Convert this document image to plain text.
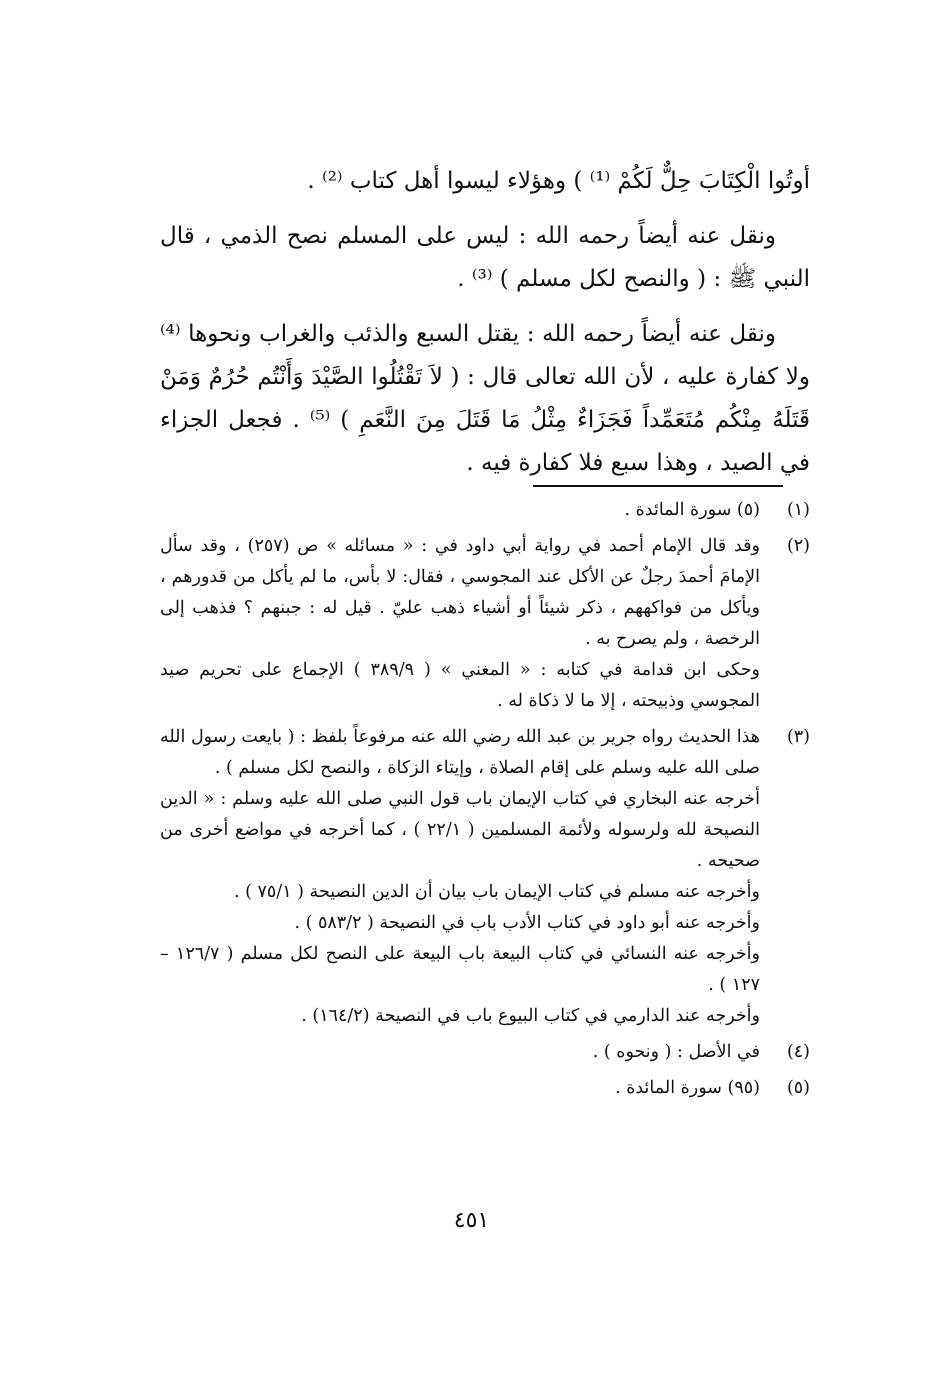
أوتُوا الْكِتَابَ حِلٌّ لَكُمْ ⁽¹⁾ ) وهؤلاء ليسوا أهل كتاب ⁽²⁾ .

ونقل عنه أيضاً رحمه الله : ليس على المسلم نصح الذمي ، قال النبي ﷺ : ( والنصح لكل مسلم ) ⁽³⁾ .

ونقل عنه أيضاً رحمه الله : يقتل السبع والذئب والغراب ونحوها ⁽⁴⁾ ولا كفارة عليه ، لأن الله تعالى قال : ( لاَ تَقْتُلُوا الصَّيْدَ وَأَنْتُم حُرُمٌ وَمَنْ قَتَلَهُ مِنْكُم مُتَعَمِّداً فَجَزَاءٌ مِثْلُ مَا قَتَلَ مِنَ النَّعَمِ ) ⁽⁵⁾ . فجعل الجزاء في الصيد ، وهذا سبع فلا كفارة فيه .

(١)
(٥) سورة المائدة .
(٢)
وقد قال الإمام أحمد في رواية أبي داود في : « مسائله » ص (٢٥٧) ، وقد سأل الإمامَ أحمدَ رجلٌ عن الأكل عند المجوسي ، فقال: لا بأس، ما لم يأكل من قدورهم ، ويأكل من فواكههم ، ذكر شيئاً أو أشياء ذهب عليّ . قيل له : جبنهم ؟ فذهب إلى الرخصة ، ولم يصرح به .
وحكى ابن قدامة في كتابه : « المغني » ( ٣٨٩/٩ ) الإجماع على تحريم صيد المجوسي وذبيحته ، إلا ما لا ذكاة له .
(٣)
هذا الحديث رواه جرير بن عبد الله رضي الله عنه مرفوعاً بلفظ : ( بايعت رسول الله صلى الله عليه وسلم على إقام الصلاة ، وإيتاء الزكاة ، والنصح لكل مسلم ) .
أخرجه عنه البخاري في كتاب الإيمان باب قول النبي صلى الله عليه وسلم : « الدين النصيحة لله ولرسوله ولأئمة المسلمين ( ٢٢/١ ) ، كما أخرجه في مواضع أخرى من صحيحه .
وأخرجه عنه مسلم في كتاب الإيمان باب بيان أن الدين النصيحة ( ٧٥/١ ) .
وأخرجه عنه أبو داود في كتاب الأدب باب في النصيحة ( ٥٨٣/٢ ) .
وأخرجه عنه النسائي في كتاب البيعة باب البيعة على النصح لكل مسلم ( ١٢٦/٧ – ١٢٧ ) .
وأخرجه عند الدارمي في كتاب البيوع باب في النصيحة (١٦٤/٢) .
(٤)
في الأصل : ( ونحوه ) .
(٥)
(٩٥) سورة المائدة .
٤٥١
